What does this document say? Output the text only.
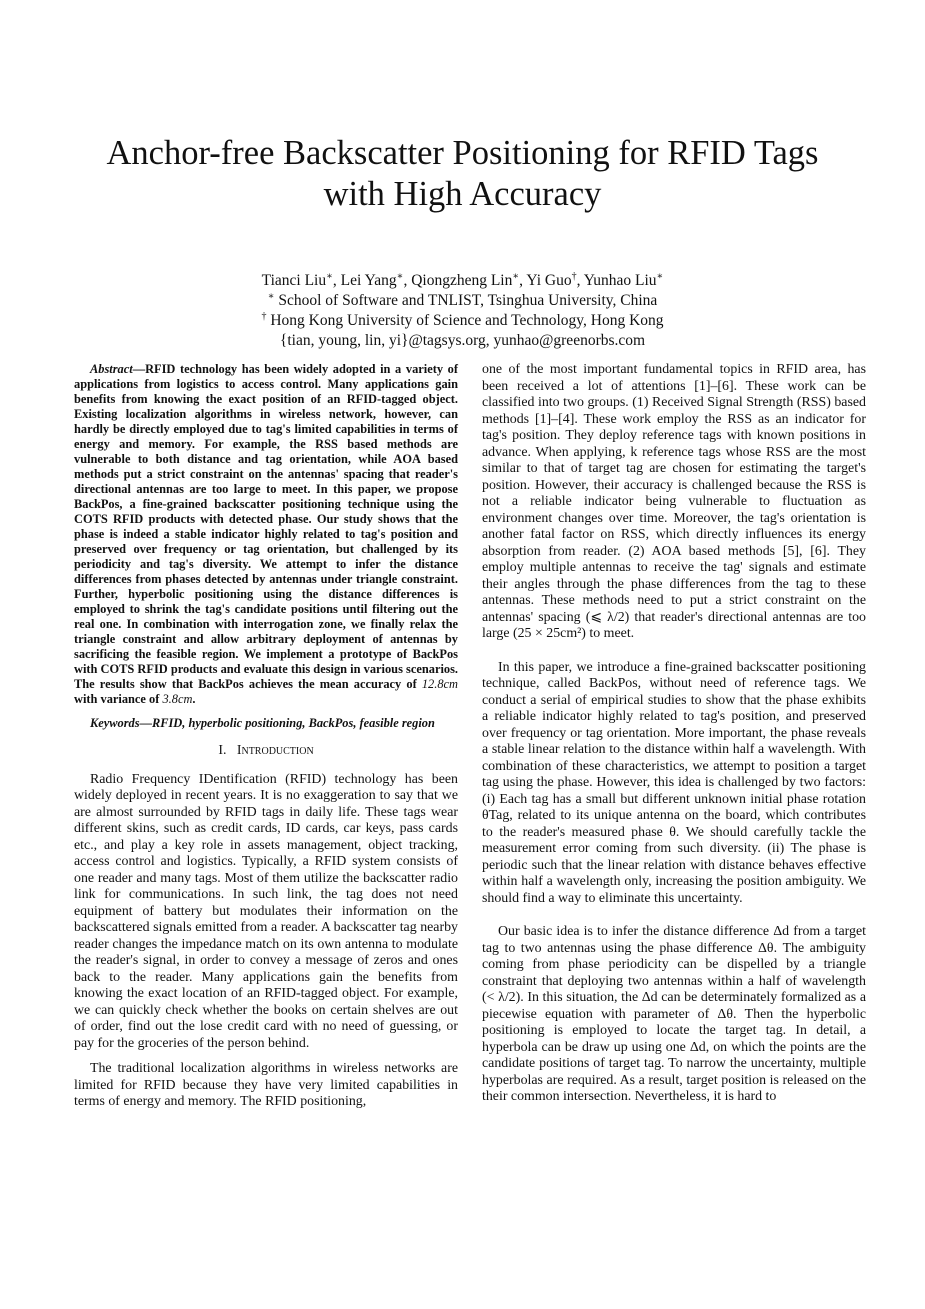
Anchor-free Backscatter Positioning for RFID Tags
with High Accuracy
Tianci Liu∗, Lei Yang∗, Qiongzheng Lin∗, Yi Guo†, Yunhao Liu∗
∗ School of Software and TNLIST, Tsinghua University, China
† Hong Kong University of Science and Technology, Hong Kong
{tian, young, lin, yi}@tagsys.org, yunhao@greenorbs.com

Abstract—RFID technology has been widely adopted in a variety of applications from logistics to access control. Many applications gain benefits from knowing the exact position of an RFID-tagged object. Existing localization algorithms in wireless network, however, can hardly be directly employed due to tag's limited capabilities in terms of energy and memory. For example, the RSS based methods are vulnerable to both distance and tag orientation, while AOA based methods put a strict constraint on the antennas' spacing that reader's directional antennas are too large to meet. In this paper, we propose BackPos, a fine-grained backscatter positioning technique using the COTS RFID products with detected phase. Our study shows that the phase is indeed a stable indicator highly related to tag's position and preserved over frequency or tag orientation, but challenged by its periodicity and tag's diversity. We attempt to infer the distance differences from phases detected by antennas under triangle constraint. Further, hyperbolic positioning using the distance differences is employed to shrink the tag's candidate positions until filtering out the real one. In combination with interrogation zone, we finally relax the triangle constraint and allow arbitrary deployment of antennas by sacrificing the feasible region. We implement a prototype of BackPos with COTS RFID products and evaluate this design in various scenarios. The results show that BackPos achieves the mean accuracy of 12.8cm with variance of 3.8cm.

Keywords—RFID, hyperbolic positioning, BackPos, feasible region

I. Introduction

Radio Frequency IDentification (RFID) technology has been widely deployed in recent years. It is no exaggeration to say that we are almost surrounded by RFID tags in daily life. These tags wear different skins, such as credit cards, ID cards, car keys, pass cards etc., and play a key role in assets management, object tracking, access control and logistics. Typically, a RFID system consists of one reader and many tags. Most of them utilize the backscatter radio link for communications. In such link, the tag does not need equipment of battery but modulates their information on the backscattered signals emitted from a reader. A backscatter tag nearby reader changes the impedance match on its own antenna to modulate the reader's signal, in order to convey a message of zeros and ones back to the reader. Many applications gain the benefits from knowing the exact location of an RFID-tagged object. For example, we can quickly check whether the books on certain shelves are out of order, find out the lose credit card with no need of guessing, or pay for the groceries of the person behind.

The traditional localization algorithms in wireless networks are limited for RFID because they have very limited capabilities in terms of energy and memory. The RFID positioning,

one of the most important fundamental topics in RFID area, has been received a lot of attentions [1]–[6]. These work can be classified into two groups. (1) Received Signal Strength (RSS) based methods [1]–[4]. These work employ the RSS as an indicator for tag's position. They deploy reference tags with known positions in advance. When applying, k reference tags whose RSS are the most similar to that of target tag are chosen for estimating the target's position. However, their accuracy is challenged because the RSS is not a reliable indicator being vulnerable to fluctuation as environment changes over time. Moreover, the tag's orientation is another fatal factor on RSS, which directly influences its energy absorption from reader. (2) AOA based methods [5], [6]. They employ multiple antennas to receive the tag' signals and estimate their angles through the phase differences from the tag to these antennas. These methods need to put a strict constraint on the antennas' spacing (⩽ λ/2) that reader's directional antennas are too large (25 × 25cm²) to meet.

In this paper, we introduce a fine-grained backscatter positioning technique, called BackPos, without need of reference tags. We conduct a serial of empirical studies to show that the phase exhibits a reliable indicator highly related to tag's position, and preserved over frequency or tag orientation. More important, the phase reveals a stable linear relation to the distance within half a wavelength. With combination of these characteristics, we attempt to position a target tag using the phase. However, this idea is challenged by two factors: (i) Each tag has a small but different unknown initial phase rotation θTag, related to its unique antenna on the board, which contributes to the reader's measured phase θ. We should carefully tackle the measurement error coming from such diversity. (ii) The phase is periodic such that the linear relation with distance behaves effective within half a wavelength only, increasing the position ambiguity. We should find a way to eliminate this uncertainty.

Our basic idea is to infer the distance difference Δd from a target tag to two antennas using the phase difference Δθ. The ambiguity coming from phase periodicity can be dispelled by a triangle constraint that deploying two antennas within a half of wavelength (< λ/2). In this situation, the Δd can be determinately formalized as a piecewise equation with parameter of Δθ. Then the hyperbolic positioning is employed to locate the target tag. In detail, a hyperbola can be draw up using one Δd, on which the points are the candidate positions of target tag. To narrow the uncertainty, multiple hyperbolas are required. As a result, target position is released on the their common intersection. Nevertheless, it is hard to
